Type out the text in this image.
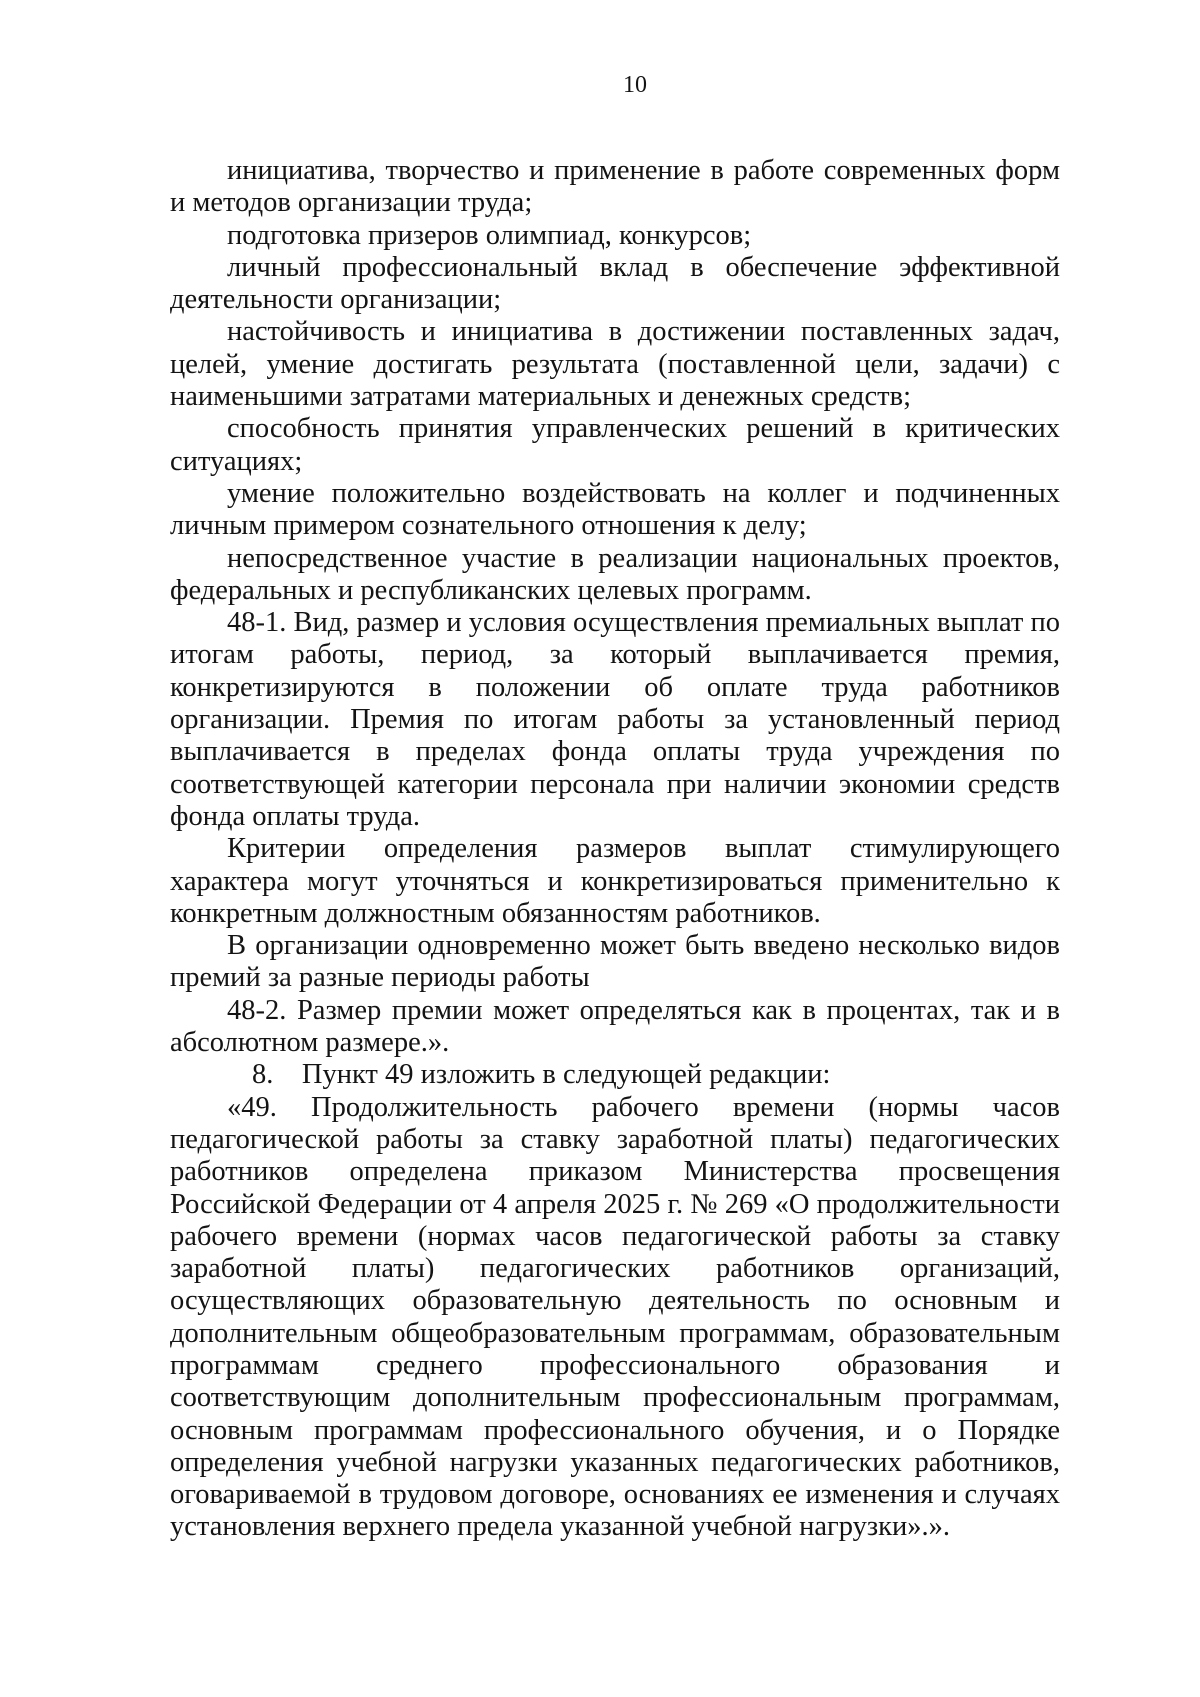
10

инициатива, творчество и применение в работе современных форм и методов организации труда;

подготовка призеров олимпиад, конкурсов;

личный профессиональный вклад в обеспечение эффективной деятельности организации;

настойчивость и инициатива в достижении поставленных задач, целей, умение достигать результата (поставленной цели, задачи) с наименьшими затратами материальных и денежных средств;

способность принятия управленческих решений в критических ситуациях;

умение положительно воздействовать на коллег и подчиненных личным примером сознательного отношения к делу;

непосредственное участие в реализации национальных проектов, федеральных и республиканских целевых программ.

48-1. Вид, размер и условия осуществления премиальных выплат по итогам работы, период, за который выплачивается премия, конкретизируются в положении об оплате труда работников организации. Премия по итогам работы за установленный период выплачивается в пределах фонда оплаты труда учреждения по соответствующей категории персонала при наличии экономии средств фонда оплаты труда.

Критерии определения размеров выплат стимулирующего характера могут уточняться и конкретизироваться применительно к конкретным должностным обязанностям работников.

В организации одновременно может быть введено несколько видов премий за разные периоды работы

48-2. Размер премии может определяться как в процентах, так и в абсолютном размере.».

8.    Пункт 49 изложить в следующей редакции:

«49. Продолжительность рабочего времени (нормы часов педагогической работы за ставку заработной платы) педагогических работников определена приказом Министерства просвещения Российской Федерации от 4 апреля 2025 г. № 269 «О продолжительности рабочего времени (нормах часов педагогической работы за ставку заработной платы) педагогических работников организаций, осуществляющих образовательную деятельность по основным и дополнительным общеобразовательным программам, образовательным программам среднего профессионального образования и соответствующим дополнительным профессиональным программам, основным программам профессионального обучения, и о Порядке определения учебной нагрузки указанных педагогических работников, оговариваемой в трудовом договоре, основаниях ее изменения и случаях установления верхнего предела указанной учебной нагрузки».».
